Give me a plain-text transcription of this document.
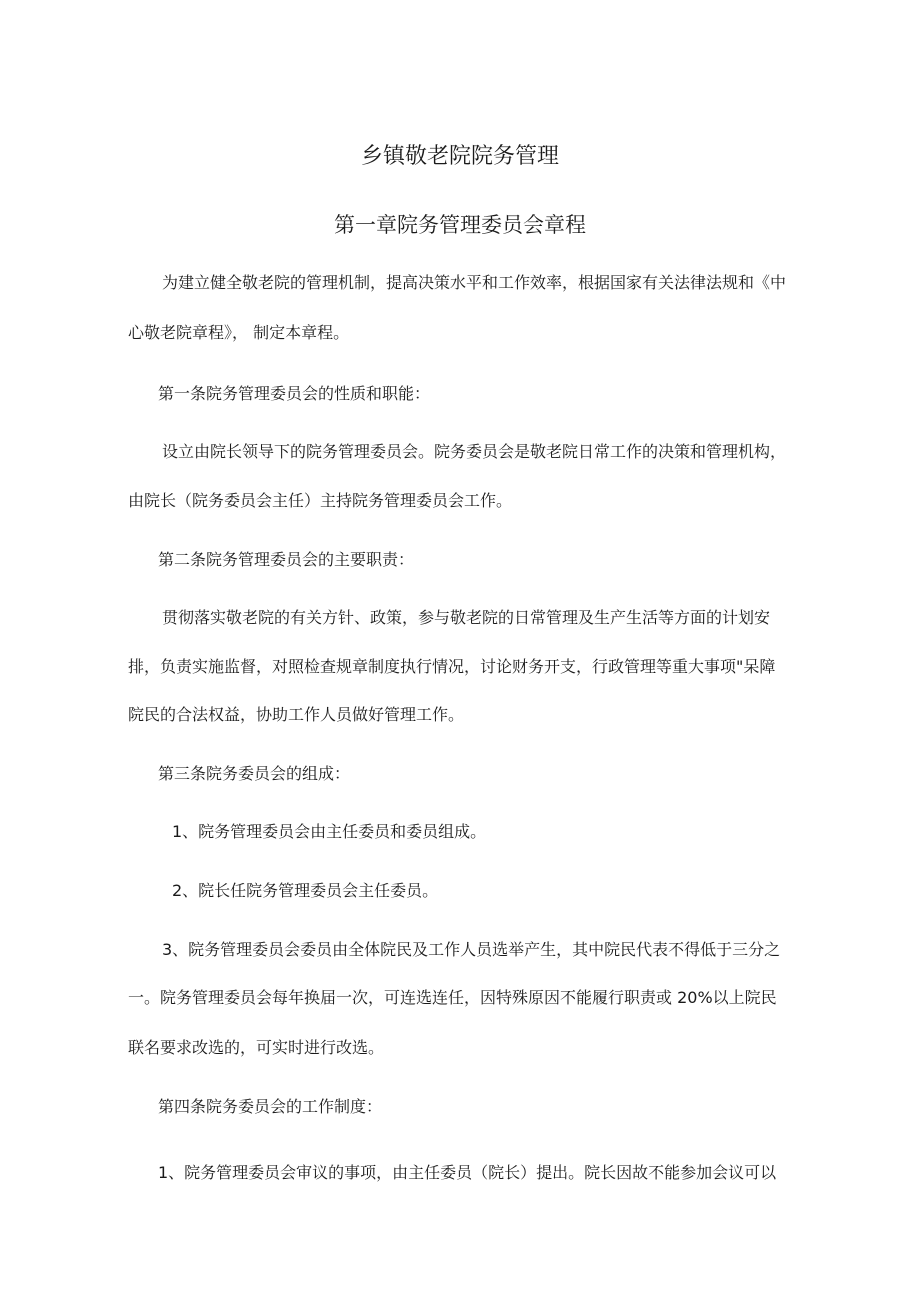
乡镇敬老院院务管理
第一章院务管理委员会章程

为建立健全敬老院的管理机制，提高决策水平和工作效率，根据国家有关法律法规和《中

心敬老院章程》， 制定本章程。

第一条院务管理委员会的性质和职能：

设立由院长领导下的院务管理委员会。院务委员会是敬老院日常工作的决策和管理机构，

由院长（院务委员会主任）主持院务管理委员会工作。

第二条院务管理委员会的主要职责：

贯彻落实敬老院的有关方针、政策，参与敬老院的日常管理及生产生活等方面的计划安

排，负责实施监督，对照检查规章制度执行情况，讨论财务开支，行政管理等重大事项"呆障

院民的合法权益，协助工作人员做好管理工作。

第三条院务委员会的组成：

1、院务管理委员会由主任委员和委员组成。

2、院长任院务管理委员会主任委员。

3、院务管理委员会委员由全体院民及工作人员选举产生，其中院民代表不得低于三分之

一。院务管理委员会每年换届一次，可连选连任，因特殊原因不能履行职责或 20%以上院民

联名要求改选的，可实时进行改选。

第四条院务委员会的工作制度：

1、院务管理委员会审议的事项，由主任委员（院长）提出。院长因故不能参加会议可以
